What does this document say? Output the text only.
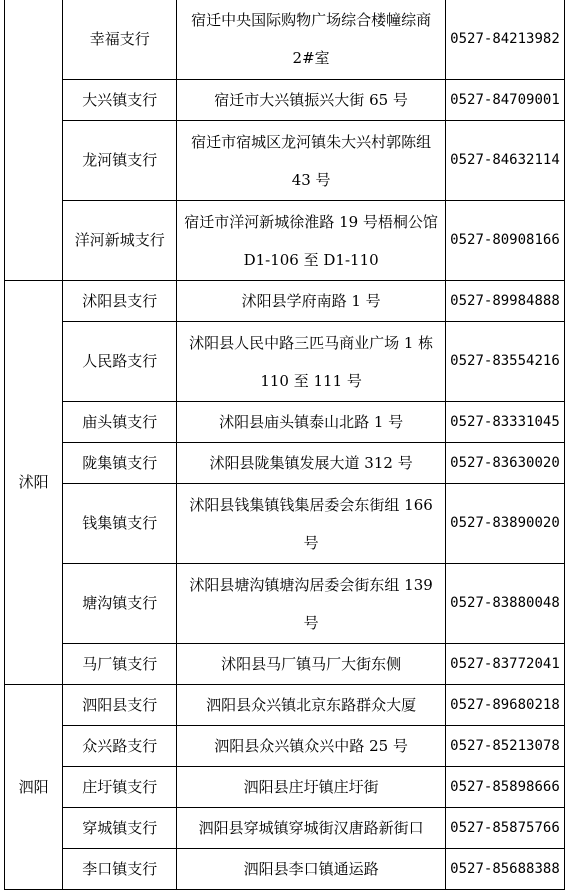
	幸福支行	宿迁中央国际购物广场综合楼幢综商 2#室	0527-84213982
	大兴镇支行	宿迁市大兴镇振兴大街 65 号	0527-84709001
	龙河镇支行	宿迁市宿城区龙河镇朱大兴村郭陈组 43 号	0527-84632114
	洋河新城支行	宿迁市洋河新城徐淮路 19 号梧桐公馆 D1-106 至 D1-110	0527-80908166
沭阳	沭阳县支行	沭阳县学府南路 1 号	0527-89984888
	人民路支行	沭阳县人民中路三匹马商业广场 1 栋 110 至 111 号	0527-83554216
	庙头镇支行	沭阳县庙头镇泰山北路 1 号	0527-83331045
	陇集镇支行	沭阳县陇集镇发展大道 312 号	0527-83630020
	钱集镇支行	沭阳县钱集镇钱集居委会东街组 166 号	0527-83890020
	塘沟镇支行	沭阳县塘沟镇塘沟居委会街东组 139 号	0527-83880048
	马厂镇支行	沭阳县马厂镇马厂大街东侧	0527-83772041
泗阳	泗阳县支行	泗阳县众兴镇北京东路群众大厦	0527-89680218
	众兴路支行	泗阳县众兴镇众兴中路 25 号	0527-85213078
	庄圩镇支行	泗阳县庄圩镇庄圩街	0527-85898666
	穿城镇支行	泗阳县穿城镇穿城街汉唐路新街口	0527-85875766
	李口镇支行	泗阳县李口镇通运路	0527-85688388
